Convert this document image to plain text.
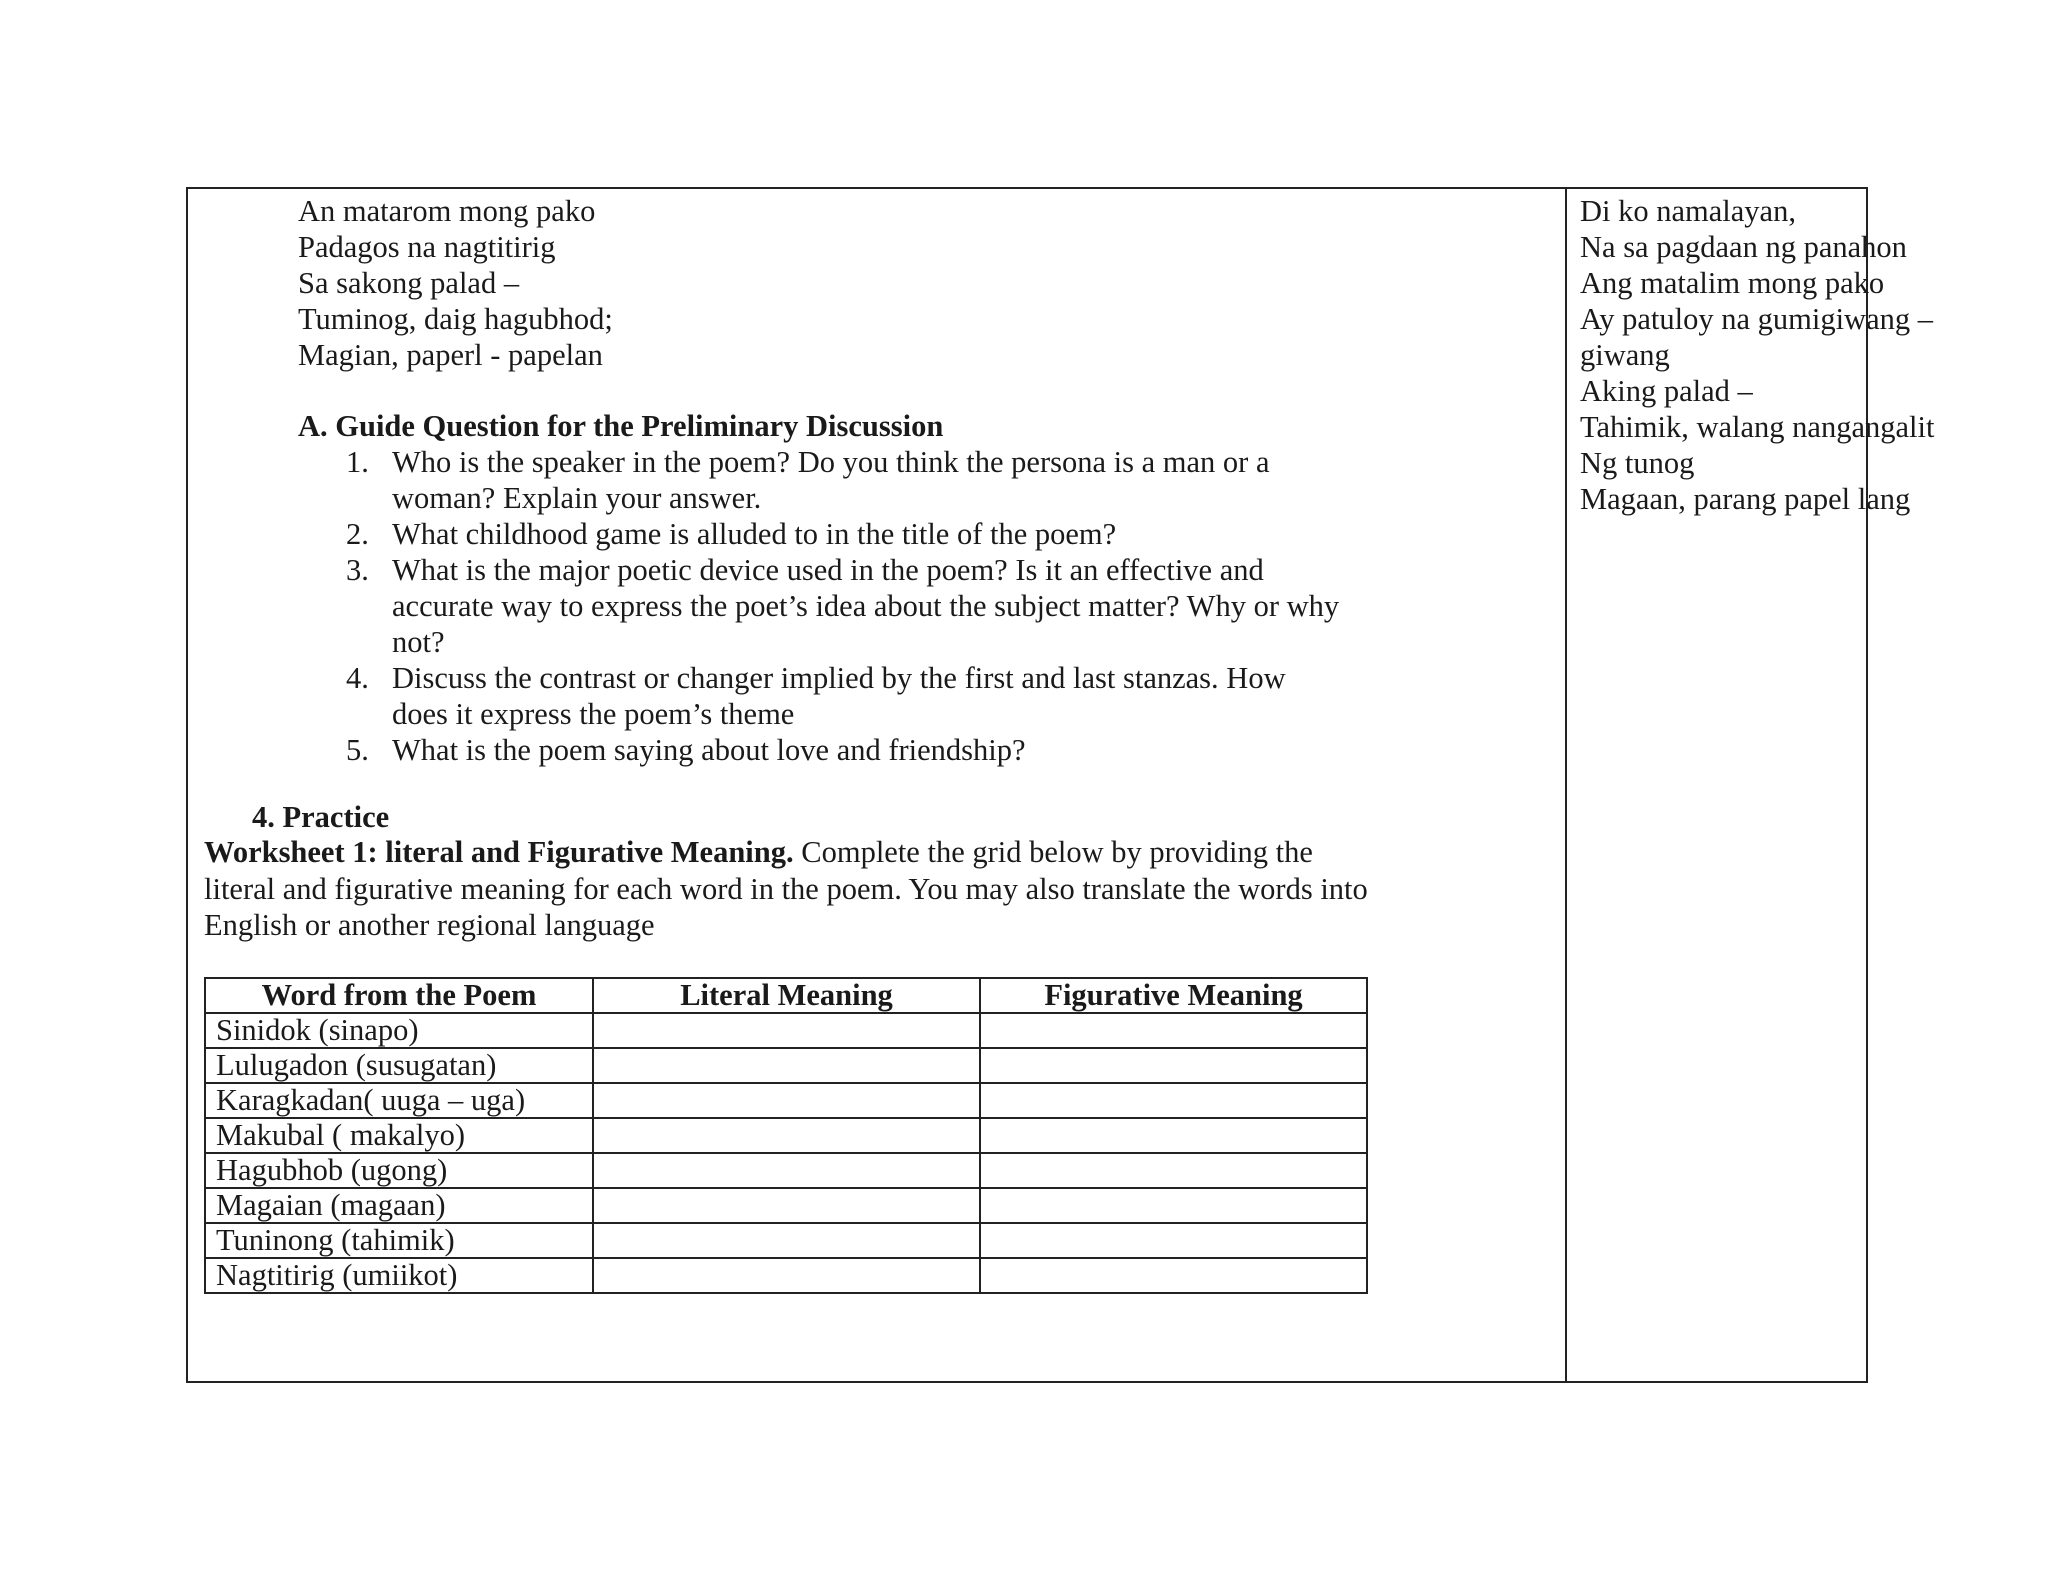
An matarom mong pako
Padagos na nagtitirig
Sa sakong palad –
Tuminog, daig hagubhod;
Magian, paperl - papelan
A. Guide Question for the Preliminary Discussion
1. Who is the speaker in the poem? Do you think the persona is a man or a
woman? Explain your answer.
2. What childhood game is alluded to in the title of the poem?
3. What is the major poetic device used in the poem? Is it an effective and
accurate way to express the poet’s idea about the subject matter? Why or why
not?
4. Discuss the contrast or changer implied by the first and last stanzas. How
does it express the poem’s theme
5. What is the poem saying about love and friendship?
4. Practice
Worksheet 1: literal and Figurative Meaning. Complete the grid below by providing the literal and figurative meaning for each word in the poem. You may also translate the words into English or another regional language
Word from the Poem	Literal Meaning	Figurative Meaning
Sinidok (sinapo)		
Lulugadon (susugatan)		
Karagkadan( uuga – uga)		
Makubal ( makalyo)		
Hagubhob (ugong)		
Magaian (magaan)		
Tuninong (tahimik)		
Nagtitirig (umiikot)		
Di ko namalayan,
Na sa pagdaan ng panahon
Ang matalim mong pako
Ay patuloy na gumigiwang –
giwang
Aking palad –
Tahimik, walang nangangalit
Ng tunog
Magaan, parang papel lang
